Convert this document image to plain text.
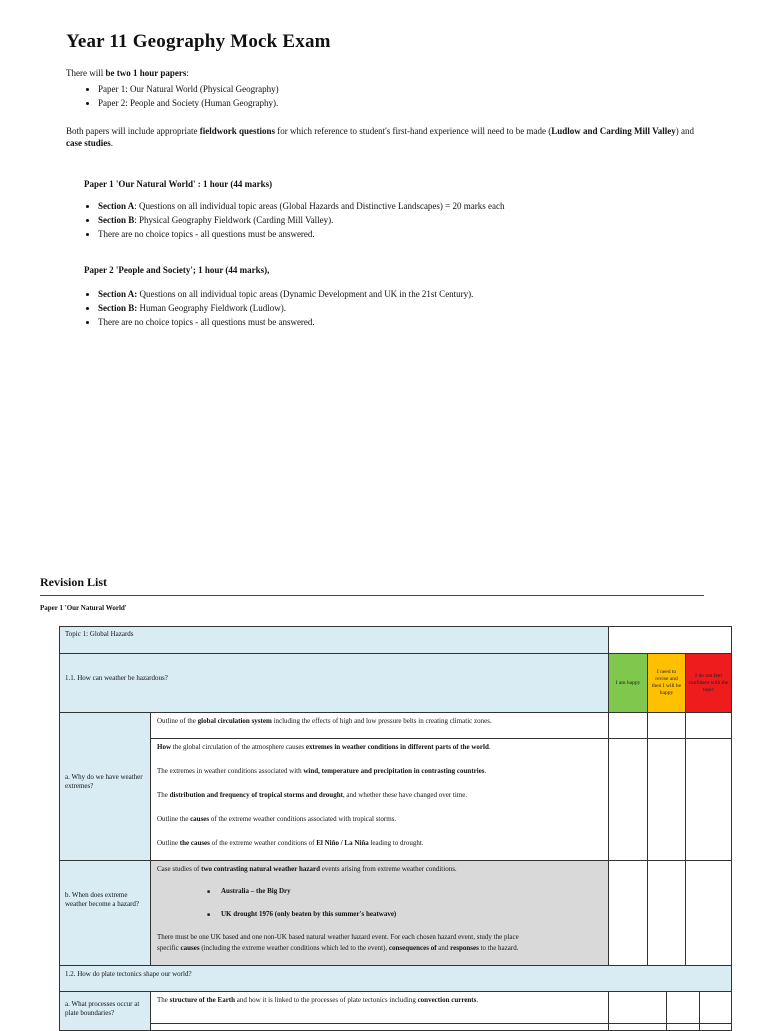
Year 11 Geography Mock Exam

There will be two 1 hour papers:

• Paper 1: Our Natural World (Physical Geography)
• Paper 2: People and Society (Human Geography).

Both papers will include appropriate fieldwork questions for which reference to student's first-hand experience will need to be made (Ludlow and Carding Mill Valley) and case studies.

Paper 1 'Our Natural World' : 1 hour (44 marks)

• Section A: Questions on all individual topic areas (Global Hazards and Distinctive Landscapes) = 20 marks each
• Section B: Physical Geography Fieldwork (Carding Mill Valley).
• There are no choice topics - all questions must be answered.

Paper 2 'People and Society'; 1 hour (44 marks),

• Section A: Questions on all individual topic areas (Dynamic Development and UK in the 21st Century).
• Section B: Human Geography Fieldwork (Ludlow).
• There are no choice topics - all questions must be answered.

Revision List

Paper 1 'Our Natural World'

Topic 1: Global Hazards
1.1. How can weather be hazardous?
I am happy
I need to revise and then I will be happy
I do not feel confident with the topic
a. Why do we have weather extremes?

Outline of the global circulation system including the effects of high and low pressure belts in creating climatic zones.

How the global circulation of the atmosphere causes extremes in weather conditions in different parts of the world.

The extremes in weather conditions associated with wind, temperature and precipitation in contrasting countries.

The distribution and frequency of tropical storms and drought, and whether these have changed over time.

Outline the causes of the extreme weather conditions associated with tropical storms.

Outline the causes of the extreme weather conditions of El Niño / La Niña leading to drought.

b. When does extreme weather become a hazard?

Case studies of two contrasting natural weather hazard events arising from extreme weather conditions.

■ Australia – the Big Dry

■ UK drought 1976 (only beaten by this summer's heatwave)

There must be one UK based and one non-UK based natural weather hazard event. For each chosen hazard event, study the place

specific causes (including the extreme weather conditions which led to the event), consequences of and responses to the hazard.

1.2. How do plate tectonics shape our world?
a. What processes occur at plate boundaries?

The structure of the Earth and how it is linked to the processes of plate tectonics including convection currents.
